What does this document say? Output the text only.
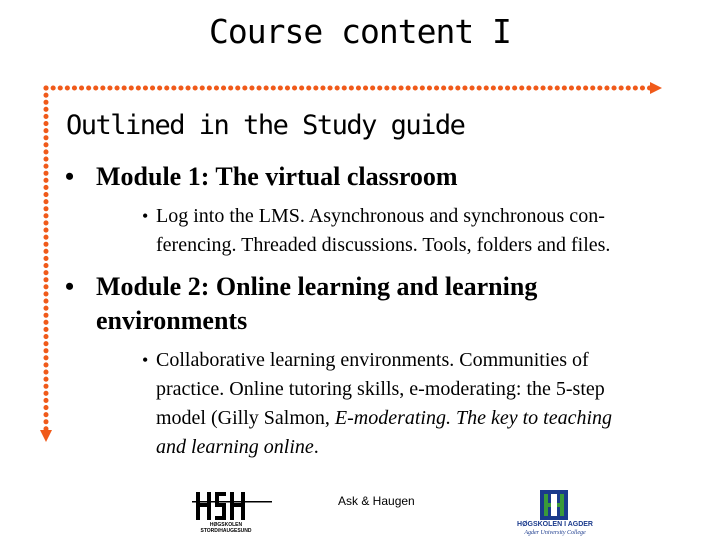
Course content I
Outlined in the Study guide
• Module 1: The virtual classroom
• Log into the LMS. Asynchronous and synchronous con-
ferencing. Threaded discussions. Tools, folders and files.
• Module 2: Online learning and learning
environments
• Collaborative learning environments. Communities of
practice. Online tutoring skills, e-moderating: the 5-step
model (Gilly Salmon, E-moderating. The key to teaching
and learning online.
Ask & Haugen
HØGSKOLEN
STORD/HAUGESUND
HØGSKOLEN I AGDER
Agder University College
